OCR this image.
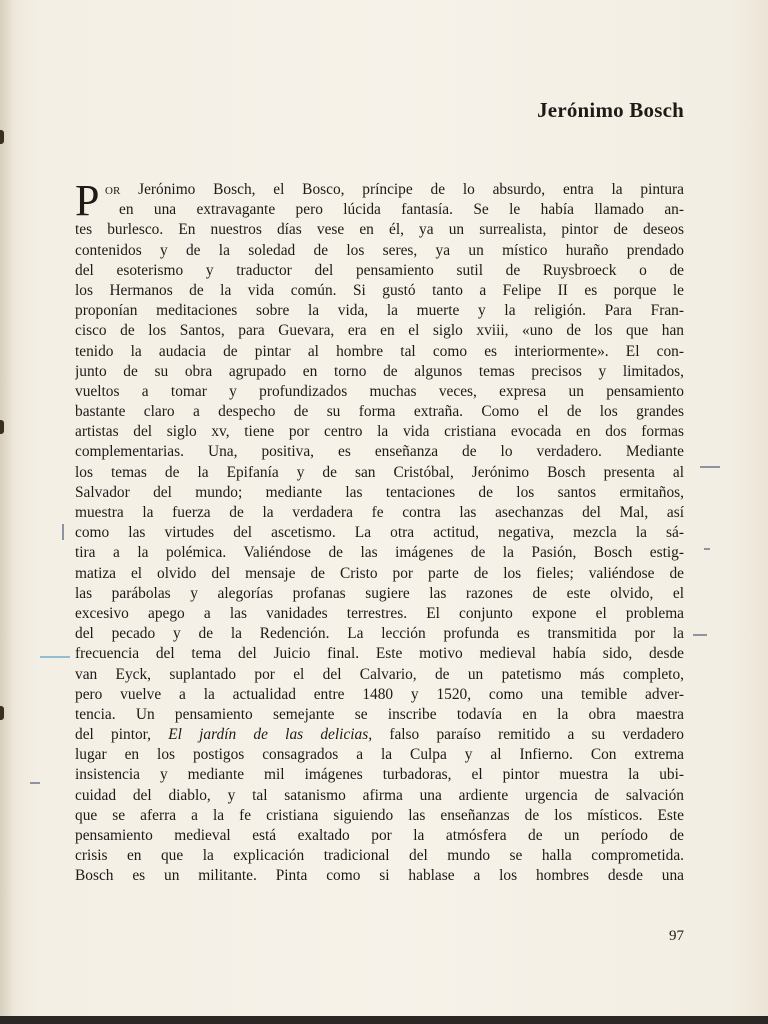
Jerónimo Bosch
P or Jerónimo Bosch, el Bosco, príncipe de lo absurdo, entra la pintura
en una extravagante pero lúcida fantasía. Se le había llamado an-
tes burlesco. En nuestros días vese en él, ya un surrealista, pintor de deseos
contenidos y de la soledad de los seres, ya un místico huraño prendado
del esoterismo y traductor del pensamiento sutil de Ruysbroeck o de
los Hermanos de la vida común. Si gustó tanto a Felipe II es porque le
proponían meditaciones sobre la vida, la muerte y la religión. Para Fran-
cisco de los Santos, para Guevara, era en el siglo xviii, «uno de los que han
tenido la audacia de pintar al hombre tal como es interiormente». El con-
junto de su obra agrupado en torno de algunos temas precisos y limitados,
vueltos a tomar y profundizados muchas veces, expresa un pensamiento
bastante claro a despecho de su forma extraña. Como el de los grandes
artistas del siglo xv, tiene por centro la vida cristiana evocada en dos formas
complementarias. Una, positiva, es enseñanza de lo verdadero. Mediante
los temas de la Epifanía y de san Cristóbal, Jerónimo Bosch presenta al
Salvador del mundo; mediante las tentaciones de los santos ermitaños,
muestra la fuerza de la verdadera fe contra las asechanzas del Mal, así
como las virtudes del ascetismo. La otra actitud, negativa, mezcla la sá-
tira a la polémica. Valiéndose de las imágenes de la Pasión, Bosch estig-
matiza el olvido del mensaje de Cristo por parte de los fieles; valiéndose de
las parábolas y alegorías profanas sugiere las razones de este olvido, el
excesivo apego a las vanidades terrestres. El conjunto expone el problema
del pecado y de la Redención. La lección profunda es transmitida por la
frecuencia del tema del Juicio final. Este motivo medieval había sido, desde
van Eyck, suplantado por el del Calvario, de un patetismo más completo,
pero vuelve a la actualidad entre 1480 y 1520, como una temible adver-
tencia. Un pensamiento semejante se inscribe todavía en la obra maestra
del pintor, El jardín de las delicias, falso paraíso remitido a su verdadero
lugar en los postigos consagrados a la Culpa y al Infierno. Con extrema
insistencia y mediante mil imágenes turbadoras, el pintor muestra la ubi-
cuidad del diablo, y tal satanismo afirma una ardiente urgencia de salvación
que se aferra a la fe cristiana siguiendo las enseñanzas de los místicos. Este
pensamiento medieval está exaltado por la atmósfera de un período de
crisis en que la explicación tradicional del mundo se halla comprometida.
Bosch es un militante. Pinta como si hablase a los hombres desde una
97
